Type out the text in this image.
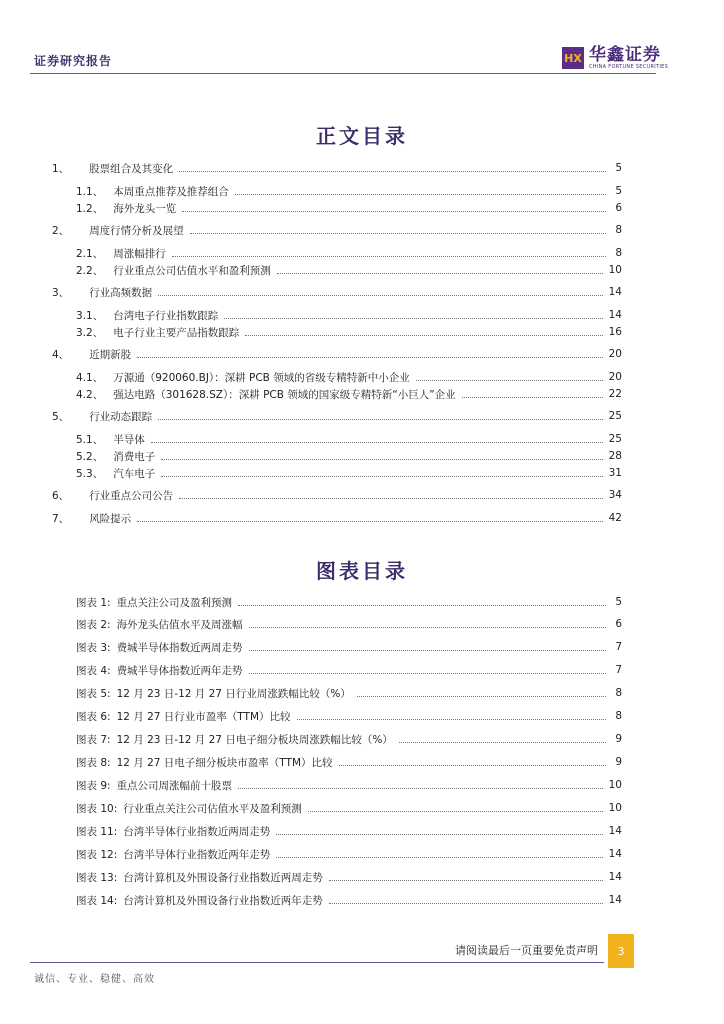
证券研究报告	HX 华鑫证券
CHINA FORTUNE SECURITIES
正文目录
1、 股票组合及其变化	5
1.1、 本周重点推荐及推荐组合	5
1.2、 海外龙头一览	6
2、 周度行情分析及展望	8
2.1、 周涨幅排行	8
2.2、 行业重点公司估值水平和盈利预测	10
3、 行业高频数据	14
3.1、 台湾电子行业指数跟踪	14
3.2、 电子行业主要产品指数跟踪	16
4、 近期新股	20
4.1、 万源通（920060.BJ）：深耕 PCB 领域的省级专精特新中小企业	20
4.2、 强达电路（301628.SZ）：深耕 PCB 领域的国家级专精特新“小巨人”企业	22
5、 行业动态跟踪	25
5.1、 半导体	25
5.2、 消费电子	28
5.3、 汽车电子	31
6、 行业重点公司公告	34
7、 风险提示	42
图表目录
图表 1: 重点关注公司及盈利预测	5
图表 2: 海外龙头估值水平及周涨幅	6
图表 3: 费城半导体指数近两周走势	7
图表 4: 费城半导体指数近两年走势	7
图表 5: 12 月 23 日-12 月 27 日行业周涨跌幅比较（%）	8
图表 6: 12 月 27 日行业市盈率（TTM）比较	8
图表 7: 12 月 23 日-12 月 27 日电子细分板块周涨跌幅比较（%）	9
图表 8: 12 月 27 日电子细分板块市盈率（TTM）比较	9
图表 9: 重点公司周涨幅前十股票	10
图表 10: 行业重点关注公司估值水平及盈利预测	10
图表 11: 台湾半导体行业指数近两周走势	14
图表 12: 台湾半导体行业指数近两年走势	14
图表 13: 台湾计算机及外围设备行业指数近两周走势	14
图表 14: 台湾计算机及外围设备行业指数近两年走势	14
请阅读最后一页重要免责声明	3
诚信、专业、稳健、高效
